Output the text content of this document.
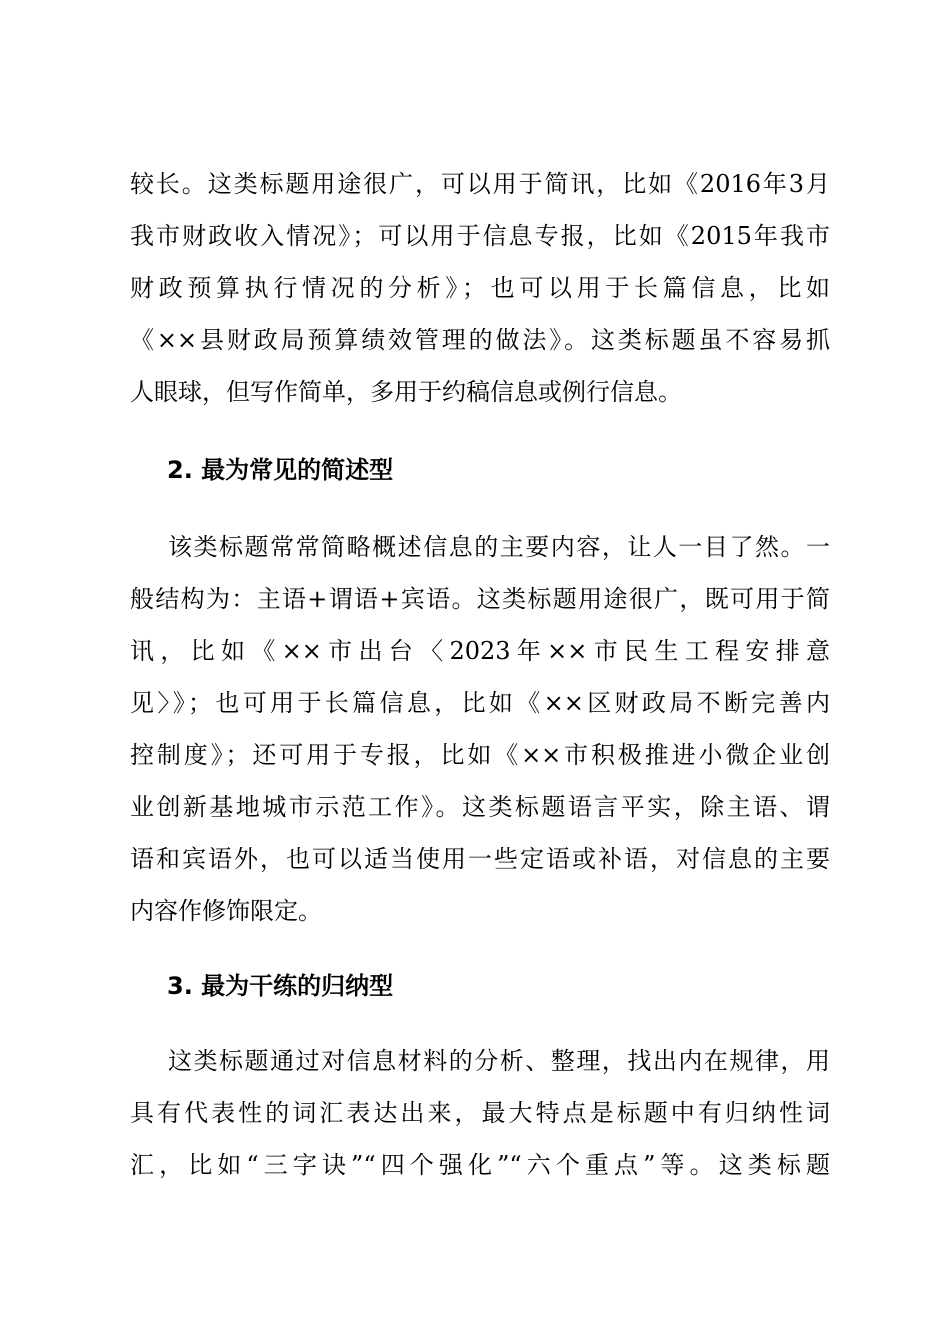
较长。这类标题用途很广，可以用于简讯，比如《2016年3月
我市财政收入情况》；可以用于信息专报，比如《2015年我市
财政预算执行情况的分析》；也可以用于长篇信息，比如
《××县财政局预算绩效管理的做法》。这类标题虽不容易抓
人眼球，但写作简单，多用于约稿信息或例行信息。
2. 最为常见的简述型
该类标题常常简略概述信息的主要内容，让人一目了然。一
般结构为：主语+谓语+宾语。这类标题用途很广，既可用于简
讯，比如《××市出台〈2023年××市民生工程安排意
见〉》；也可用于长篇信息，比如《××区财政局不断完善内
控制度》；还可用于专报，比如《××市积极推进小微企业创
业创新基地城市示范工作》。这类标题语言平实，除主语、谓
语和宾语外，也可以适当使用一些定语或补语，对信息的主要
内容作修饰限定。
3. 最为干练的归纳型
这类标题通过对信息材料的分析、整理，找出内在规律，用
具有代表性的词汇表达出来，最大特点是标题中有归纳性词
汇，比如“三字诀”“四个强化”“六个重点”等。这类标题
